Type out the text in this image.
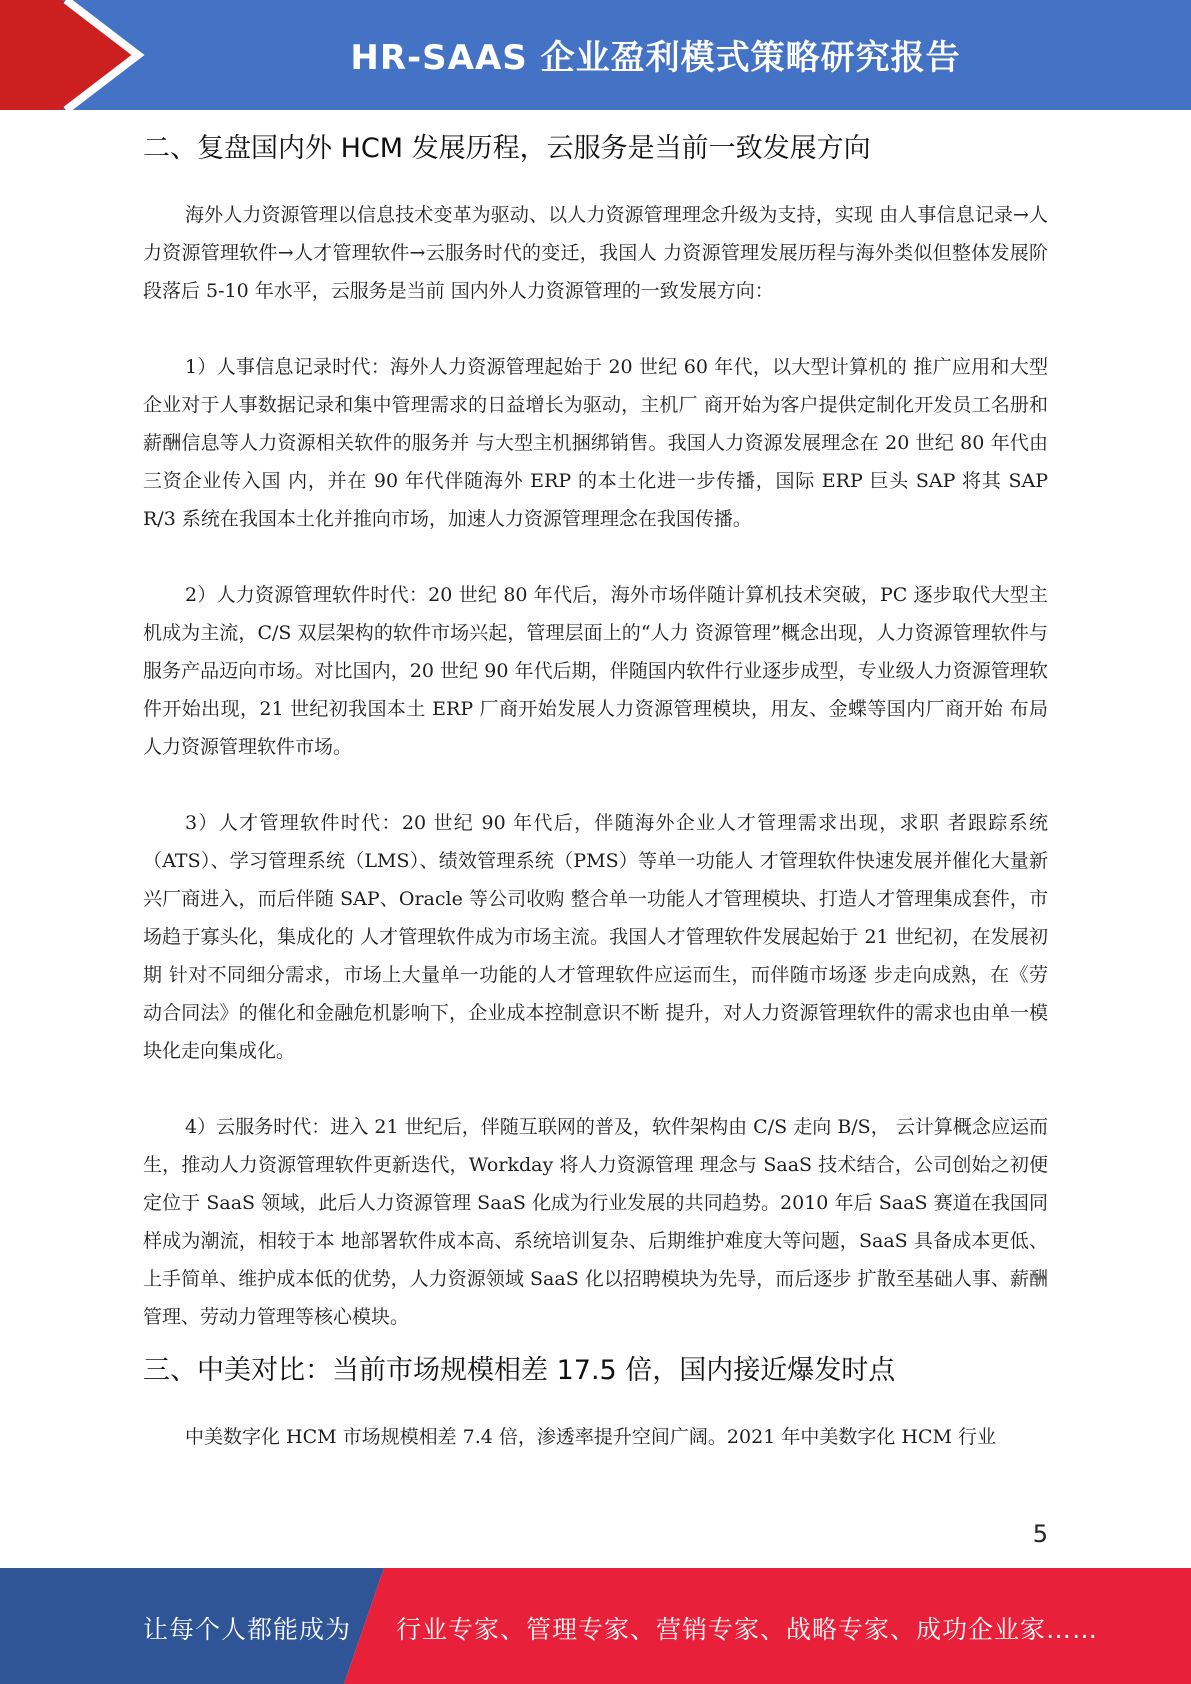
HR-SAAS 企业盈利模式策略研究报告
二、复盘国内外 HCM 发展历程，云服务是当前一致发展方向

海外人力资源管理以信息技术变革为驱动、以人力资源管理理念升级为支持，实现 由人事信息记录→人力资源管理软件→人才管理软件→云服务时代的变迁，我国人 力资源管理发展历程与海外类似但整体发展阶段落后 5-10 年水平，云服务是当前 国内外人力资源管理的一致发展方向：

1）人事信息记录时代：海外人力资源管理起始于 20 世纪 60 年代，以大型计算机的 推广应用和大型企业对于人事数据记录和集中管理需求的日益增长为驱动，主机厂 商开始为客户提供定制化开发员工名册和薪酬信息等人力资源相关软件的服务并 与大型主机捆绑销售。我国人力资源发展理念在 20 世纪 80 年代由三资企业传入国 内，并在 90 年代伴随海外 ERP 的本土化进一步传播，国际 ERP 巨头 SAP 将其 SAP R/3 系统在我国本土化并推向市场，加速人力资源管理理念在我国传播。

2）人力资源管理软件时代：20 世纪 80 年代后，海外市场伴随计算机技术突破，PC 逐步取代大型主机成为主流，C/S 双层架构的软件市场兴起，管理层面上的“人力 资源管理”概念出现，人力资源管理软件与服务产品迈向市场。对比国内，20 世纪 90 年代后期，伴随国内软件行业逐步成型，专业级人力资源管理软件开始出现，21 世纪初我国本土 ERP 厂商开始发展人力资源管理模块，用友、金蝶等国内厂商开始 布局人力资源管理软件市场。

3）人才管理软件时代：20 世纪 90 年代后，伴随海外企业人才管理需求出现，求职 者跟踪系统（ATS）、学习管理系统（LMS）、绩效管理系统（PMS）等单一功能人 才管理软件快速发展并催化大量新兴厂商进入，而后伴随 SAP、Oracle 等公司收购 整合单一功能人才管理模块、打造人才管理集成套件，市场趋于寡头化，集成化的 人才管理软件成为市场主流。我国人才管理软件发展起始于 21 世纪初，在发展初期 针对不同细分需求，市场上大量单一功能的人才管理软件应运而生，而伴随市场逐 步走向成熟，在《劳动合同法》的催化和金融危机影响下，企业成本控制意识不断 提升，对人力资源管理软件的需求也由单一模块化走向集成化。

4）云服务时代：进入 21 世纪后，伴随互联网的普及，软件架构由 C/S 走向 B/S， 云计算概念应运而生，推动人力资源管理软件更新迭代，Workday 将人力资源管理 理念与 SaaS 技术结合，公司创始之初便定位于 SaaS 领域，此后人力资源管理 SaaS 化成为行业发展的共同趋势。2010 年后 SaaS 赛道在我国同样成为潮流，相较于本 地部署软件成本高、系统培训复杂、后期维护难度大等问题，SaaS 具备成本更低、 上手简单、维护成本低的优势，人力资源领域 SaaS 化以招聘模块为先导，而后逐步 扩散至基础人事、薪酬管理、劳动力管理等核心模块。

三、中美对比：当前市场规模相差 17.5 倍，国内接近爆发时点

中美数字化 HCM 市场规模相差 7.4 倍，渗透率提升空间广阔。2021 年中美数字化 HCM 行业

5
让每个人都能成为 行业专家、管理专家、营销专家、战略专家、成功企业家……
